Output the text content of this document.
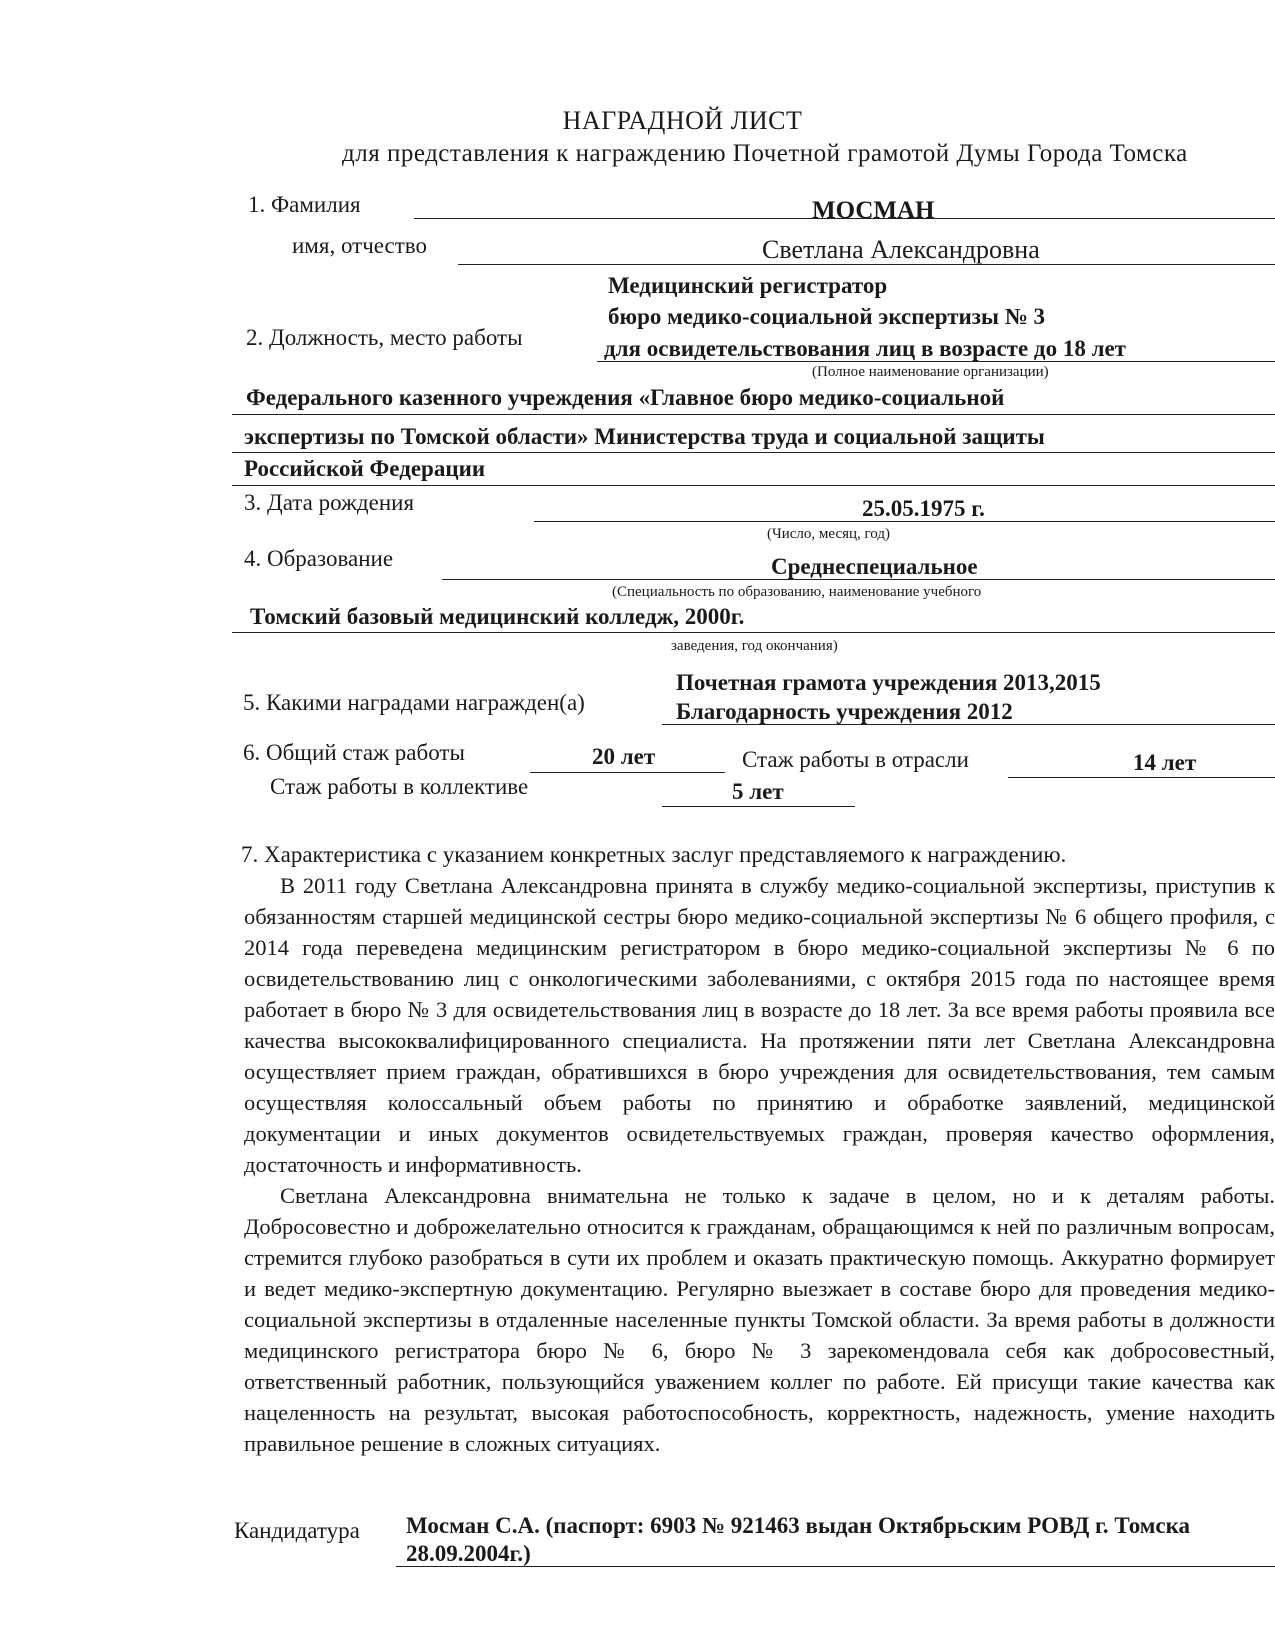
НАГРАДНОЙ ЛИСТ
для представления к награждению Почетной грамотой Думы Города Томска
1. Фамилия	МОСМАН
имя, отчество	Светлана Александровна
Медицинский регистратор
бюро медико-социальной экспертизы № 3
2. Должность, место работы	для освидетельствования лиц в возрасте до 18 лет
(Полное наименование организации)
Федерального казенного учреждения «Главное бюро медико-социальной
экспертизы по Томской области» Министерства труда и социальной защиты
Российской Федерации
3. Дата рождения	25.05.1975 г.
(Число, месяц, год)
4. Образование	Среднеспециальное
(Специальность по образованию, наименование учебного
Томский базовый медицинский колледж, 2000г.
заведения, год окончания)
Почетная грамота учреждения 2013,2015
5. Какими наградами награжден(а)	Благодарность учреждения 2012
6. Общий стаж работы	20 лет	Стаж работы в отрасли	14 лет
Стаж работы в коллективе	5 лет
7. Характеристика с указанием конкретных заслуг представляемого к награждению.

В 2011 году Светлана Александровна принята в службу медико-социальной экспертизы, приступив к обязанностям старшей медицинской сестры бюро медико-социальной экспертизы № 6 общего профиля, с 2014 года переведена медицинским регистратором в бюро медико-социальной экспертизы № 6 по освидетельствованию лиц с онкологическими заболеваниями, с октября 2015 года по настоящее время работает в бюро № 3 для освидетельствования лиц в возрасте до 18 лет. За все время работы проявила все качества высококвалифицированного специалиста. На протяжении пяти лет Светлана Александровна осуществляет прием граждан, обратившихся в бюро учреждения для освидетельствования, тем самым осуществляя колоссальный объем работы по принятию и обработке заявлений, медицинской документации и иных документов освидетельствуемых граждан, проверяя качество оформления, достаточность и информативность.

Светлана Александровна внимательна не только к задаче в целом, но и к деталям работы. Добросовестно и доброжелательно относится к гражданам, обращающимся к ней по различным вопросам, стремится глубоко разобраться в сути их проблем и оказать практическую помощь. Аккуратно формирует и ведет медико-экспертную документацию. Регулярно выезжает в составе бюро для проведения медико-социальной экспертизы в отдаленные населенные пункты Томской области. За время работы в должности медицинского регистратора бюро № 6, бюро № 3 зарекомендовала себя как добросовестный, ответственный работник, пользующийся уважением коллег по работе. Ей присущи такие качества как нацеленность на результат, высокая работоспособность, корректность, надежность, умение находить правильное решение в сложных ситуациях.

Кандидатура Мосман С.А. (паспорт: 6903 № 921463 выдан Октябрьским РОВД г. Томска
28.09.2004г.)
